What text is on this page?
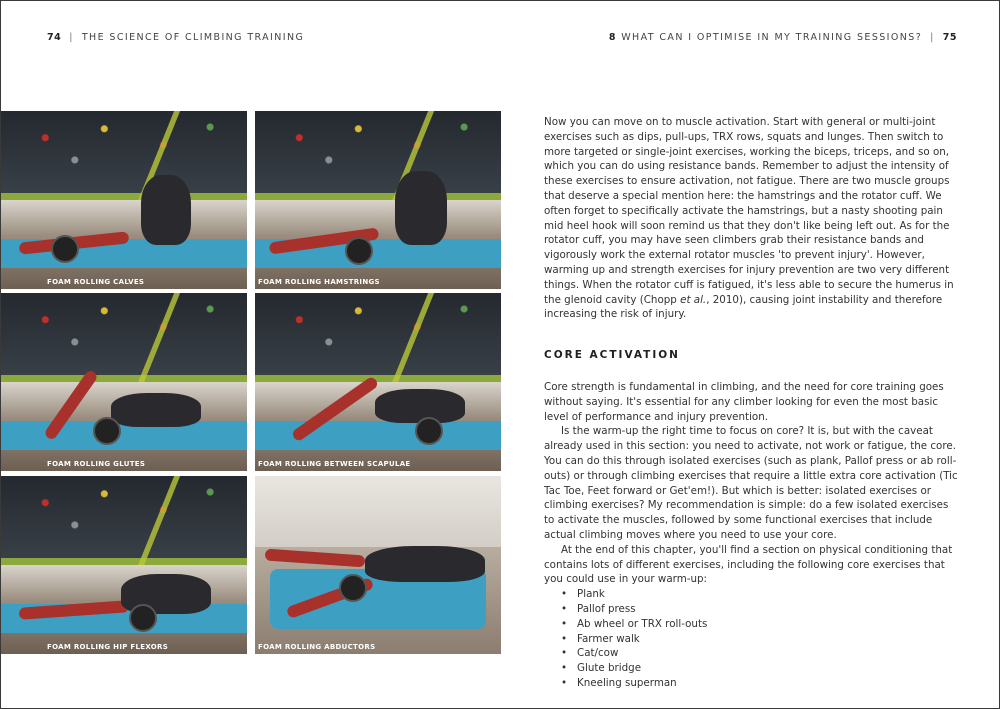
74 | THE SCIENCE OF CLIMBING TRAINING	8 WHAT CAN I OPTIMISE IN MY TRAINING SESSIONS? | 75
FOAM ROLLING CALVES	FOAM ROLLING HAMSTRINGS
FOAM ROLLING GLUTES	FOAM ROLLING BETWEEN SCAPULAE
FOAM ROLLING HIP FLEXORS	FOAM ROLLING ABDUCTORS

Now you can move on to muscle activation. Start with general or multi-joint exercises such as dips, pull-ups, TRX rows, squats and lunges. Then switch to more targeted or single-joint exercises, working the biceps, triceps, and so on, which you can do using resistance bands. Remember to adjust the intensity of these exercises to ensure activation, not fatigue. There are two muscle groups that deserve a special mention here: the hamstrings and the rotator cuff. We often forget to specifically activate the hamstrings, but a nasty shooting pain mid heel hook will soon remind us that they don't like being left out. As for the rotator cuff, you may have seen climbers grab their resistance bands and vigorously work the external rotator muscles 'to prevent injury'. However, warming up and strength exercises for injury prevention are two very different things. When the rotator cuff is fatigued, it's less able to secure the humerus in the glenoid cavity (Chopp et al., 2010), causing joint instability and therefore increasing the risk of injury.

CORE ACTIVATION

Core strength is fundamental in climbing, and the need for core training goes without saying. It's essential for any climber looking for even the most basic level of performance and injury prevention.

Is the warm-up the right time to focus on core? It is, but with the caveat already used in this section: you need to activate, not work or fatigue, the core. You can do this through isolated exercises (such as plank, Pallof press or ab roll-outs) or through climbing exercises that require a little extra core activation (Tic Tac Toe, Feet forward or Get'em!). But which is better: isolated exercises or climbing exercises? My recommendation is simple: do a few isolated exercises to activate the muscles, followed by some functional exercises that include actual climbing moves where you need to use your core.

At the end of this chapter, you'll find a section on physical conditioning that contains lots of different exercises, including the following core exercises that you could use in your warm-up:

• Plank
• Pallof press
• Ab wheel or TRX roll-outs
• Farmer walk
• Cat/cow
• Glute bridge
• Kneeling superman
